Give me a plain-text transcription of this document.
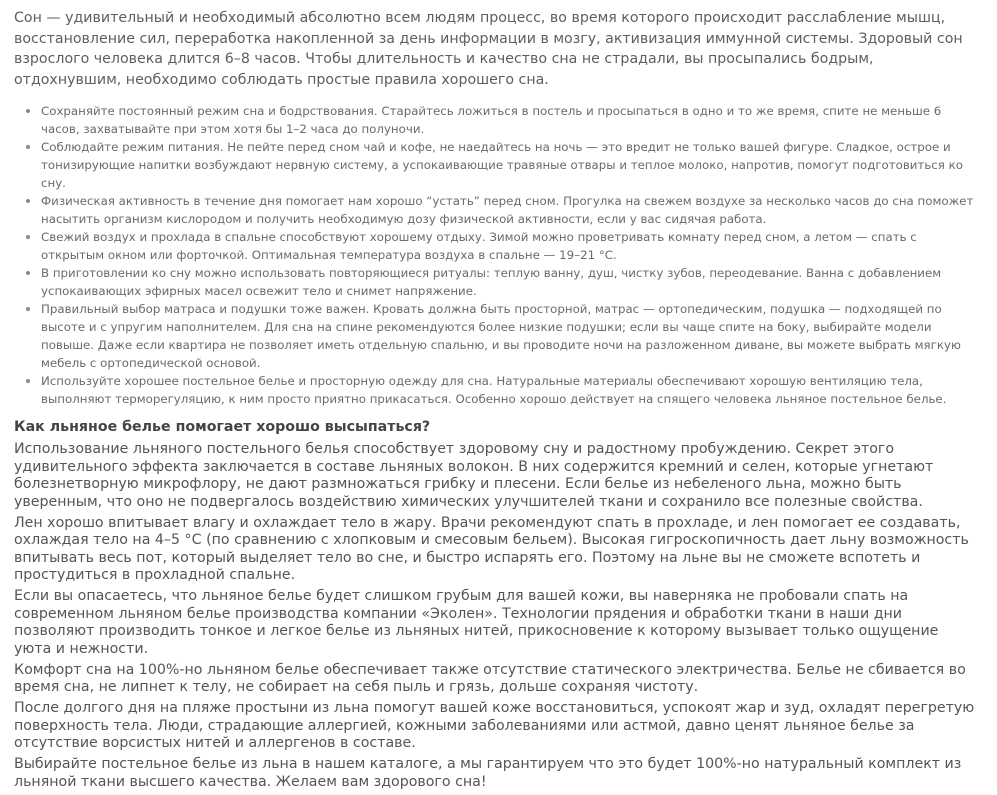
Сон — удивительный и необходимый абсолютно всем людям процесс, во время которого происходит расслабление мышц, восстановление сил, переработка накопленной за день информации в мозгу, активизация иммунной системы. Здоровый сон взрослого человека длится 6–8 часов. Чтобы длительность и качество сна не страдали, вы просыпались бодрым, отдохнувшим, необходимо соблюдать простые правила хорошего сна.

Сохраняйте постоянный режим сна и бодрствования. Старайтесь ложиться в постель и просыпаться в одно и то же время, спите не меньше 6 часов, захватывайте при этом хотя бы 1–2 часа до полуночи.
Соблюдайте режим питания. Не пейте перед сном чай и кофе, не наедайтесь на ночь — это вредит не только вашей фигуре. Сладкое, острое и тонизирующие напитки возбуждают нервную систему, а успокаивающие травяные отвары и теплое молоко, напротив, помогут подготовиться ко сну.
Физическая активность в течение дня помогает нам хорошо “устать” перед сном. Прогулка на свежем воздухе за несколько часов до сна поможет насытить организм кислородом и получить необходимую дозу физической активности, если у вас сидячая работа.
Свежий воздух и прохлада в спальне способствуют хорошему отдыху. Зимой можно проветривать комнату перед сном, а летом — спать с открытым окном или форточкой. Оптимальная температура воздуха в спальне — 19–21 °С.
В приготовлении ко сну можно использовать повторяющиеся ритуалы: теплую ванну, душ, чистку зубов, переодевание. Ванна с добавлением успокаивающих эфирных масел освежит тело и снимет напряжение.
Правильный выбор матраса и подушки тоже важен. Кровать должна быть просторной, матрас — ортопедическим, подушка — подходящей по высоте и с упругим наполнителем. Для сна на спине рекомендуются более низкие подушки; если вы чаще спите на боку, выбирайте модели повыше. Даже если квартира не позволяет иметь отдельную спальню, и вы проводите ночи на разложенном диване, вы можете выбрать мягкую мебель с ортопедической основой.
Используйте хорошее постельное белье и просторную одежду для сна. Натуральные материалы обеспечивают хорошую вентиляцию тела, выполняют терморегуляцию, к ним просто приятно прикасаться. Особенно хорошо действует на спящего человека льняное постельное белье.
Как льняное белье помогает хорошо высыпаться?

Использование льняного постельного белья способствует здоровому сну и радостному пробуждению. Секрет этого удивительного эффекта заключается в составе льняных волокон. В них содержится кремний и селен, которые угнетают болезнетворную микрофлору, не дают размножаться грибку и плесени. Если белье из небеленого льна, можно быть уверенным, что оно не подвергалось воздействию химических улучшителей ткани и сохранило все полезные свойства.

Лен хорошо впитывает влагу и охлаждает тело в жару. Врачи рекомендуют спать в прохладе, и лен помогает ее создавать, охлаждая тело на 4–5 °С (по сравнению с хлопковым и смесовым бельем). Высокая гигроскопичность дает льну возможность впитывать весь пот, который выделяет тело во сне, и быстро испарять его. Поэтому на льне вы не сможете вспотеть и простудиться в прохладной спальне.

Если вы опасаетесь, что льняное белье будет слишком грубым для вашей кожи, вы наверняка не пробовали спать на современном льняном белье производства компании «Эколен». Технологии прядения и обработки ткани в наши дни позволяют производить тонкое и легкое белье из льняных нитей, прикосновение к которому вызывает только ощущение уюта и нежности.

Комфорт сна на 100%-но льняном белье обеспечивает также отсутствие статического электричества. Белье не сбивается во время сна, не липнет к телу, не собирает на себя пыль и грязь, дольше сохраняя чистоту.

После долгого дня на пляже простыни из льна помогут вашей коже восстановиться, успокоят жар и зуд, охладят перегретую поверхность тела. Люди, страдающие аллергией, кожными заболеваниями или астмой, давно ценят льняное белье за отсутствие ворсистых нитей и аллергенов в составе.

Выбирайте постельное белье из льна в нашем каталоге, а мы гарантируем что это будет 100%-но натуральный комплект из льняной ткани высшего качества. Желаем вам здорового сна!
